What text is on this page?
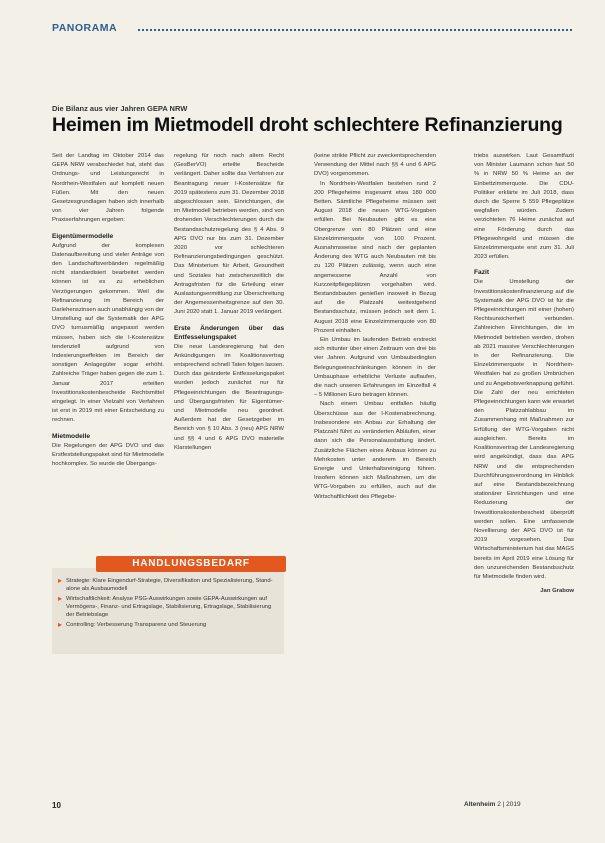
PANORAMA
Die Bilanz aus vier Jahren GEPA NRW
Heimen im Mietmodell droht schlechtere Refinanzierung

Seit der Landtag im Oktober 2014 das GEPA NRW verabschiedet hat, steht das Ordnungs- und Leistungsrecht in Nordrhein-Westfalen auf komplett neuen Füßen. Mit den neuen Gesetzesgrundlagen haben sich innerhalb von vier Jahren folgende Praxiserfahrungen ergeben:

Eigentümermodelle

Aufgrund der komplexen Datenaufbereitung und vieler Anträge von den Landschaftsverbänden regelmäßig nicht standardisiert bearbeitet werden können ist es zu erheblichen Verzögerungen gekommen. Weil die Refinanzierung im Bereich der Darlehenszinsen auch unabhängig von der Umstellung auf die Systematik der APG DVO turnusmäßig angepasst werden müssen, haben sich die I-Kostensätze tendenziell aufgrund von Indexierungseffekten im Bereich der sonstigen Anlagegüter sogar erhöht. Zahlreiche Träger haben gegen die zum 1. Januar 2017 erteilten Investitionskostenbescheide Rechtsmittel eingelegt. In einer Vielzahl von Verfahren ist erst in 2019 mit einer Entscheidung zu rechnen.

Mietmodelle

Die Regelungen der APG DVO und das Erstfeststellungspaket sind für Mietmodelle hochkomplex. So wurde die Übergangs-

regelung für noch nach altem Recht (GesBerVO) erteilte Bescheide verlängert. Daher sollte das Verfahren zur Beantragung neuer I-Kostensätze für 2019 spätestens zum 31. Dezember 2018 abgeschlossen sein. Einrichtungen, die im Mietmodell betrieben werden, sind von drohenden Verschlechterungen durch die Bestandsschutzregelung des § 4 Abs. 9 APG DVO nur bis zum 31. Dezember 2020 vor schlechteren Refinanzierungsbedingungen geschützt. Das Ministerium für Arbeit, Gesundheit und Soziales hat zwischenzeitlich die Antragsfristen für die Erteilung einer Auslastungsermittlung zur Überschreitung der Angemessenheitsgrenze auf den 30. Juni 2020 statt 1. Januar 2019 verlängert.

Erste Änderungen über das Entfesselungspaket

Die neue Landesregierung hat den Ankündigungen im Koalitionsvertrag entsprechend schnell Taten folgen lassen. Durch das geänderte Entfesselungspaket wurden jedoch zunächst nur für Pflegeeinrichtungen die Beantragungs- und Übergangsfristen für Eigentümer- und Mietmodelle neu geordnet. Außerdem hat der Gesetzgeber im Bereich von § 10 Abs. 3 (neu) APG NRW und §§ 4 und 6 APG DVO materielle Klarstellungen

(keine strikte Pflicht zur zweckentsprechenden Verwendung der Mittel nach §§ 4 und 6 APG DVO) vorgenommen.

In Nordrhein-Westfalen bestehen rund 2 200 Pflegeheime insgesamt etwa 180 000 Betten. Sämtliche Pflegeheime müssen seit August 2018 die neuen WTG-Vorgaben erfüllen. Bei Neubauten gibt es eine Obergrenze von 80 Plätzen und eine Einzelzimmerquote von 100 Prozent. Ausnahmsweise sind nach der geplanten Änderung des WTG auch Neubauten mit bis zu 120 Plätzen zulässig, wenn auch eine angemessene Anzahl von Kurzzeitpflegeplätzen vorgehalten wird. Bestandsbauten genießen insoweit in Bezug auf die Platzzahl weitestgehend Bestandsschutz, müssen jedoch seit dem 1. August 2018 eine Einzelzimmerquote von 80 Prozent einhalten.

Ein Umbau im laufenden Betrieb erstreckt sich mitunter über einen Zeitraum von drei bis vier Jahren. Aufgrund von Umbaubedingten Belegungseinschränkungen können in der Umbauphase erhebliche Verluste auflaufen, die nach unseren Erfahrungen im Einzelfall 4 – 5 Millionen Euro betragen können.

Nach einem Umbau entfallen häufig Überschüsse aus der I-Kostenabrechnung. Insbesondere ein Anbau zur Erhaltung der Platzzahl führt zu veränderten Abläufen, einer dann sich die Personalausstattung ändert. Zusätzliche Flächen eines Anbaus können zu Mehrkosten unter anderem im Bereich Energie und Unterhaltsreinigung führen. Insofern können sich Maßnahmen, um die WTG-Vorgaben zu erfüllen, auch auf die Wirtschaftlichkeit des Pflegebe-

triebs auswirken. Laut Gesamtfazit von Minister Laumann schon fast 50 % in NRW 50 % Heime an der Einbettzimmerquote. Die CDU-Politiker erklärte im Juli 2018, dass durch die Sperre 5 559 Pflegeplätze wegfallen würden. Zudem verzichteten 76 Heime zunächst auf eine Förderung durch das Pflegewohngeld und müssen die Einzelzimmerquote erst zum 31. Juli 2023 erfüllen.

Fazit

Die Umstellung der Investitionskostenfinanzierung auf die Systematik der APG DVO ist für die Pflegeeinrichtungen mit einer (hohen) Rechtsunsicherheit verbunden. Zahlreichen Einrichtungen, die im Mietmodell betrieben werden, drohen ab 2021 massive Verschlechterungen in der Refinanzierung. Die Einzelzimmerquote in Nordrhein-Westfalen hat zu großen Umbrüchen und zu Angebotsverknappung geführt. Die Zahl der neu errichteten Pflegeeinrichtungen kann wie erwartet den Platzzahlabbau im Zusammenhang mit Maßnahmen zur Erfüllung der WTG-Vorgaben nicht ausgleichen. Bereits im Koalitionsvertrag der Landesregierung wird angekündigt, dass das APG NRW und die entsprechenden Durchführungsverordnung im Hinblick auf eine Bestandsbezeichnung stationärer Einrichtungen und eine Reduzierung der Investitionskostenbescheid überprüft werden sollen. Eine umfassende Novellierung der APG DVO ist für 2019 vorgesehen. Das Wirtschaftsministerium hat das MAGS bereits im April 2019 eine Lösung für den unzureichenden Bestandsschutz für Mietmodelle finden wird.

Jan Grabow

HANDLUNGSBEDARF
▸ Strategie: Klare Eingendurf-Strategie, Diversifikation und Spezialisierung, Stand-alone als Ausbaumodell
▸ Wirtschaftlichkeit: Analyse PSG-Auswirkungen sowie GEPA-Auswirkungen auf Vermögens-, Finanz- und Ertragslage, Stabilisierung, Ertragslage, Stabilisierung der Betriebslage
▸ Controlling: Verbesserung Transparenz und Steuerung
10	Altenheim 2 | 2019
